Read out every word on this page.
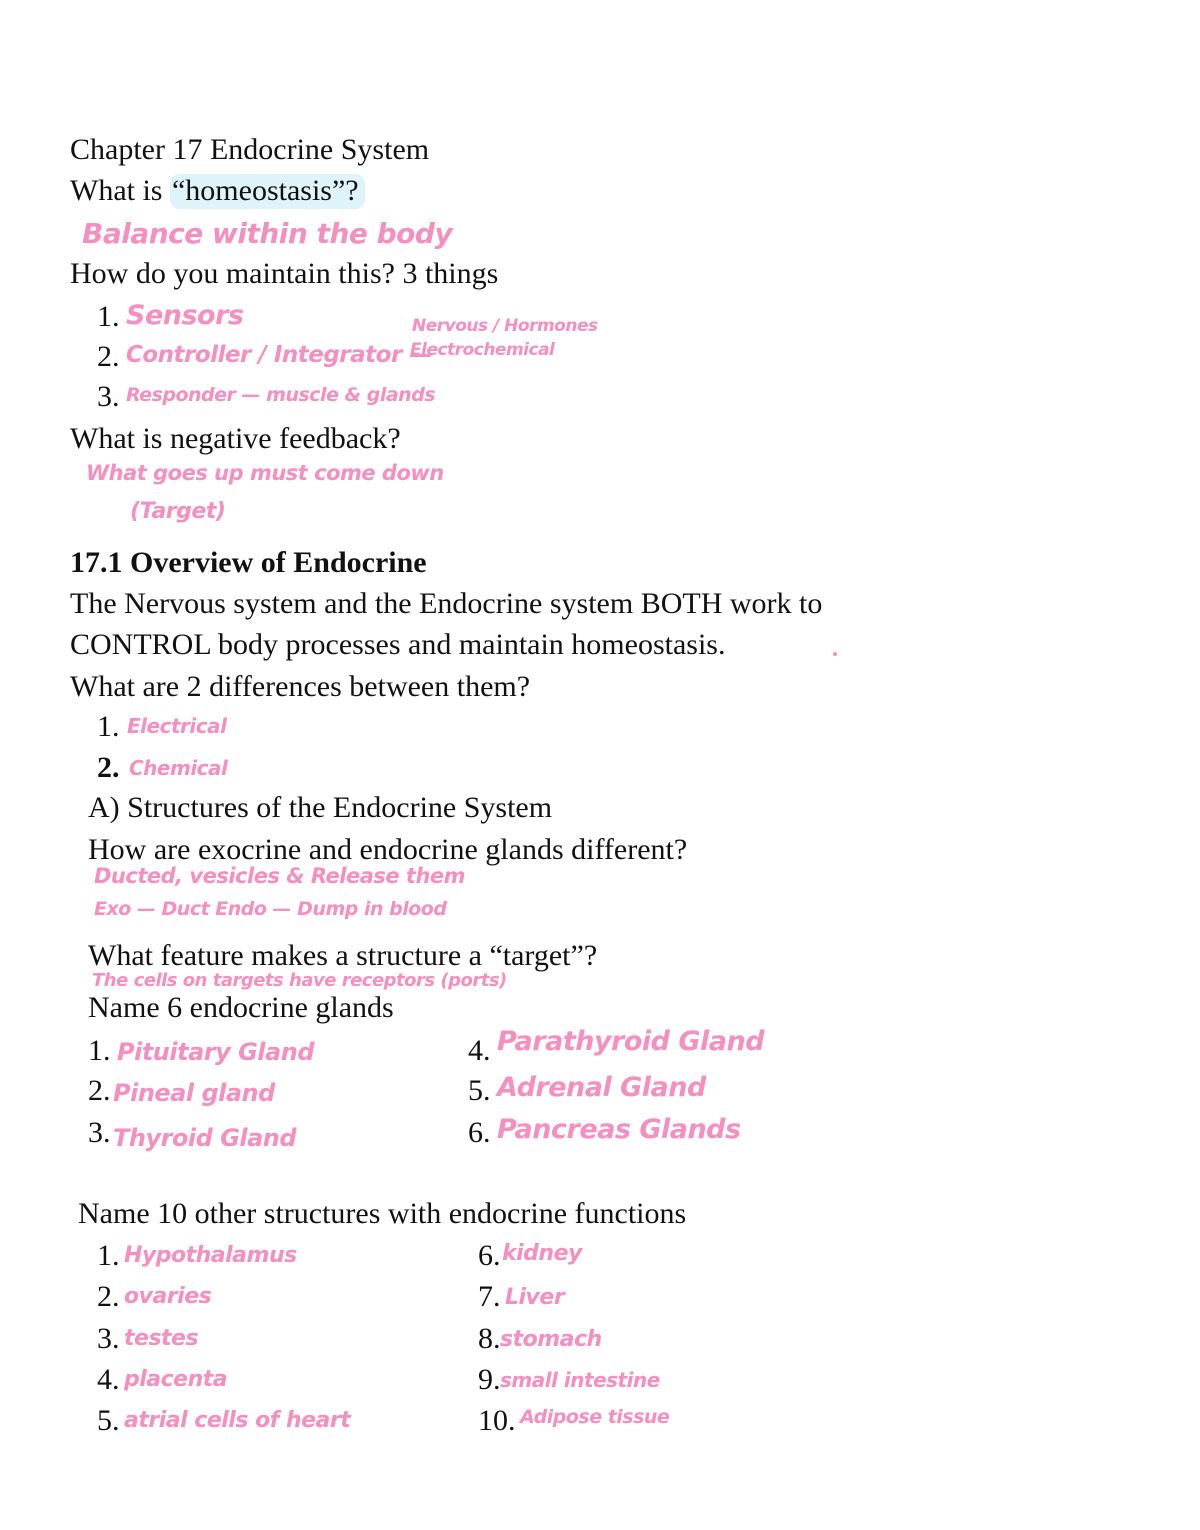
Chapter 17 Endocrine System
What is “homeostasis”?
Balance within the body
How do you maintain this? 3 things
1. Sensors
2. Controller / Integrator —
Nervous / Hormones
Electrochemical
3. Responder — muscle & glands
What is negative feedback?
What goes up must come down
(Target)
17.1 Overview of Endocrine
The Nervous system and the Endocrine system BOTH work to
CONTROL body processes and maintain homeostasis.
What are 2 differences between them?
1. Electrical
2. Chemical
A) Structures of the Endocrine System
How are exocrine and endocrine glands different?
Ducted, vesicles & Release them
Exo — Duct Endo — Dump in blood
What feature makes a structure a “target”?
The cells on targets have receptors (ports)
Name 6 endocrine glands
1. Pituitary Gland
2. Pineal gland
3. Thyroid Gland
4. Parathyroid Gland
5. Adrenal Gland
6. Pancreas Glands
Name 10 other structures with endocrine functions
1. Hypothalamus
2. ovaries
3. testes
4. placenta
5. atrial cells of heart
6. kidney
7. Liver
8. stomach
9. small intestine
10. Adipose tissue
